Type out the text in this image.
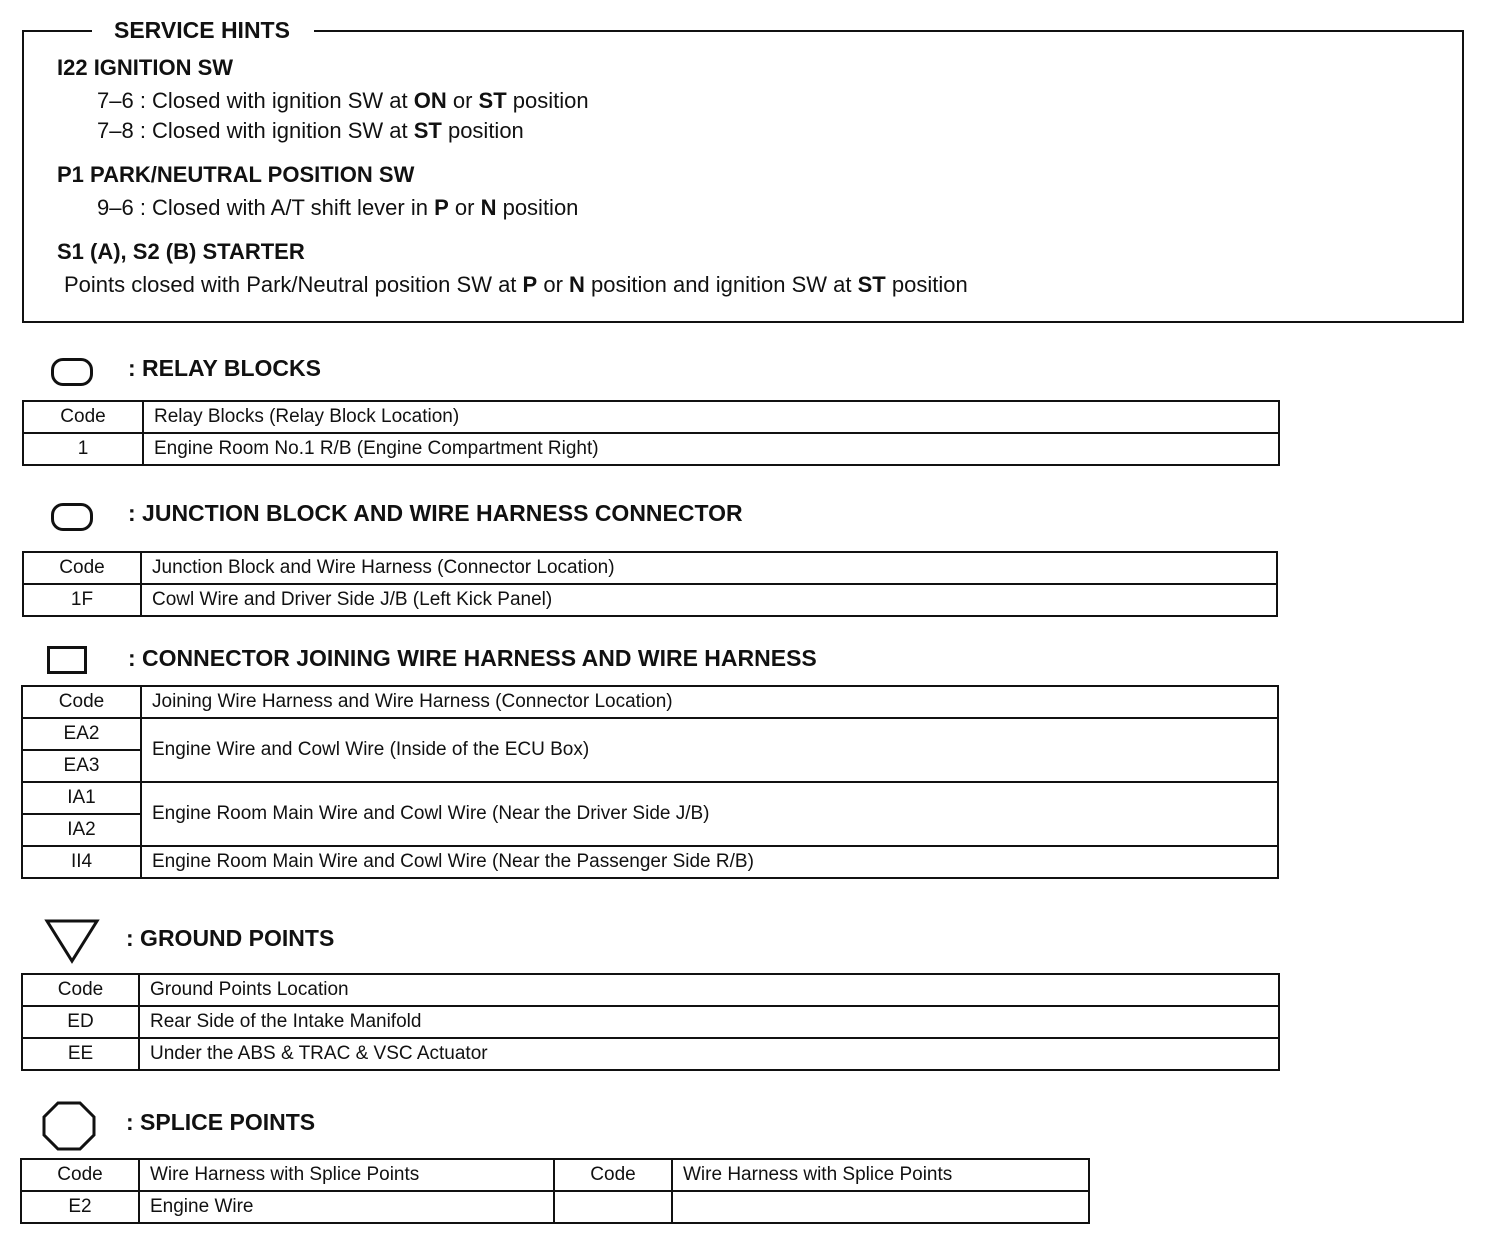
SERVICE HINTS
I22 IGNITION SW
7–6 : Closed with ignition SW at ON or ST position
7–8 : Closed with ignition SW at ST position
P1 PARK/NEUTRAL POSITION SW
9–6 : Closed with A/T shift lever in P or N position
S1 (A), S2 (B) STARTER
Points closed with Park/Neutral position SW at P or N position and ignition SW at ST position
: RELAY BLOCKS
Code	Relay Blocks (Relay Block Location)
1	Engine Room No.1 R/B (Engine Compartment Right)
: JUNCTION BLOCK AND WIRE HARNESS CONNECTOR
Code	Junction Block and Wire Harness (Connector Location)
1F	Cowl Wire and Driver Side J/B (Left Kick Panel)
: CONNECTOR JOINING WIRE HARNESS AND WIRE HARNESS
Code	Joining Wire Harness and Wire Harness (Connector Location)
EA2	Engine Wire and Cowl Wire (Inside of the ECU Box)
EA3	
IA1	Engine Room Main Wire and Cowl Wire (Near the Driver Side J/B)
IA2	
II4	Engine Room Main Wire and Cowl Wire (Near the Passenger Side R/B)
: GROUND POINTS
Code	Ground Points Location
ED	Rear Side of the Intake Manifold
EE	Under the ABS & TRAC & VSC Actuator
: SPLICE POINTS
Code	Wire Harness with Splice Points	Code	Wire Harness with Splice Points
E2	Engine Wire		
